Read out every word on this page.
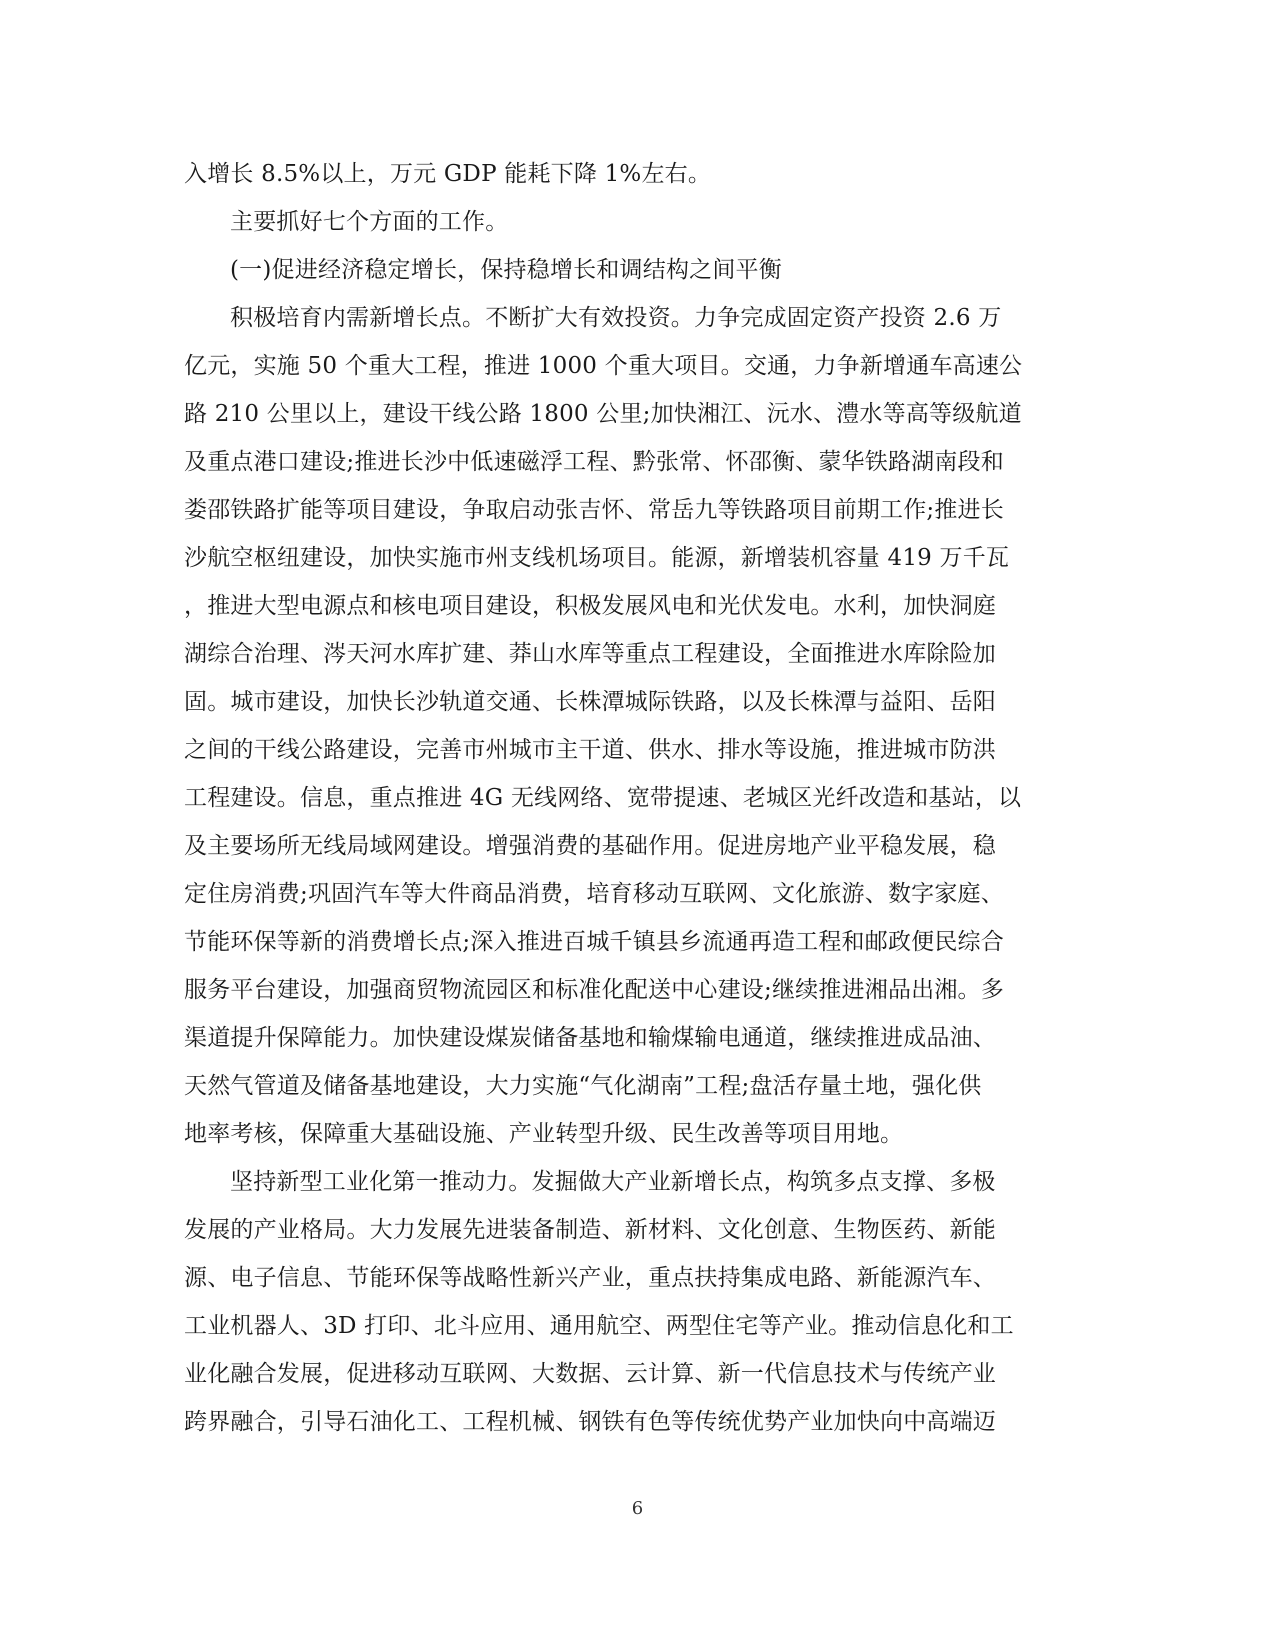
入增长 8.5%以上，万元 GDP 能耗下降 1%左右。
主要抓好七个方面的工作。
(一)促进经济稳定增长，保持稳增长和调结构之间平衡
积极培育内需新增长点。不断扩大有效投资。力争完成固定资产投资 2.6 万
亿元，实施 50 个重大工程，推进 1000 个重大项目。交通，力争新增通车高速公
路 210 公里以上，建设干线公路 1800 公里;加快湘江、沅水、澧水等高等级航道
及重点港口建设;推进长沙中低速磁浮工程、黔张常、怀邵衡、蒙华铁路湖南段和
娄邵铁路扩能等项目建设，争取启动张吉怀、常岳九等铁路项目前期工作;推进长
沙航空枢纽建设，加快实施市州支线机场项目。能源，新增装机容量 419 万千瓦
，推进大型电源点和核电项目建设，积极发展风电和光伏发电。水利，加快洞庭
湖综合治理、涔天河水库扩建、莽山水库等重点工程建设，全面推进水库除险加
固。城市建设，加快长沙轨道交通、长株潭城际铁路，以及长株潭与益阳、岳阳
之间的干线公路建设，完善市州城市主干道、供水、排水等设施，推进城市防洪
工程建设。信息，重点推进 4G 无线网络、宽带提速、老城区光纤改造和基站，以
及主要场所无线局域网建设。增强消费的基础作用。促进房地产业平稳发展，稳
定住房消费;巩固汽车等大件商品消费，培育移动互联网、文化旅游、数字家庭、
节能环保等新的消费增长点;深入推进百城千镇县乡流通再造工程和邮政便民综合
服务平台建设，加强商贸物流园区和标准化配送中心建设;继续推进湘品出湘。多
渠道提升保障能力。加快建设煤炭储备基地和输煤输电通道，继续推进成品油、
天然气管道及储备基地建设，大力实施“气化湖南”工程;盘活存量土地，强化供
地率考核，保障重大基础设施、产业转型升级、民生改善等项目用地。
坚持新型工业化第一推动力。发掘做大产业新增长点，构筑多点支撑、多极
发展的产业格局。大力发展先进装备制造、新材料、文化创意、生物医药、新能
源、电子信息、节能环保等战略性新兴产业，重点扶持集成电路、新能源汽车、
工业机器人、3D 打印、北斗应用、通用航空、两型住宅等产业。推动信息化和工
业化融合发展，促进移动互联网、大数据、云计算、新一代信息技术与传统产业
跨界融合，引导石油化工、工程机械、钢铁有色等传统优势产业加快向中高端迈
6
